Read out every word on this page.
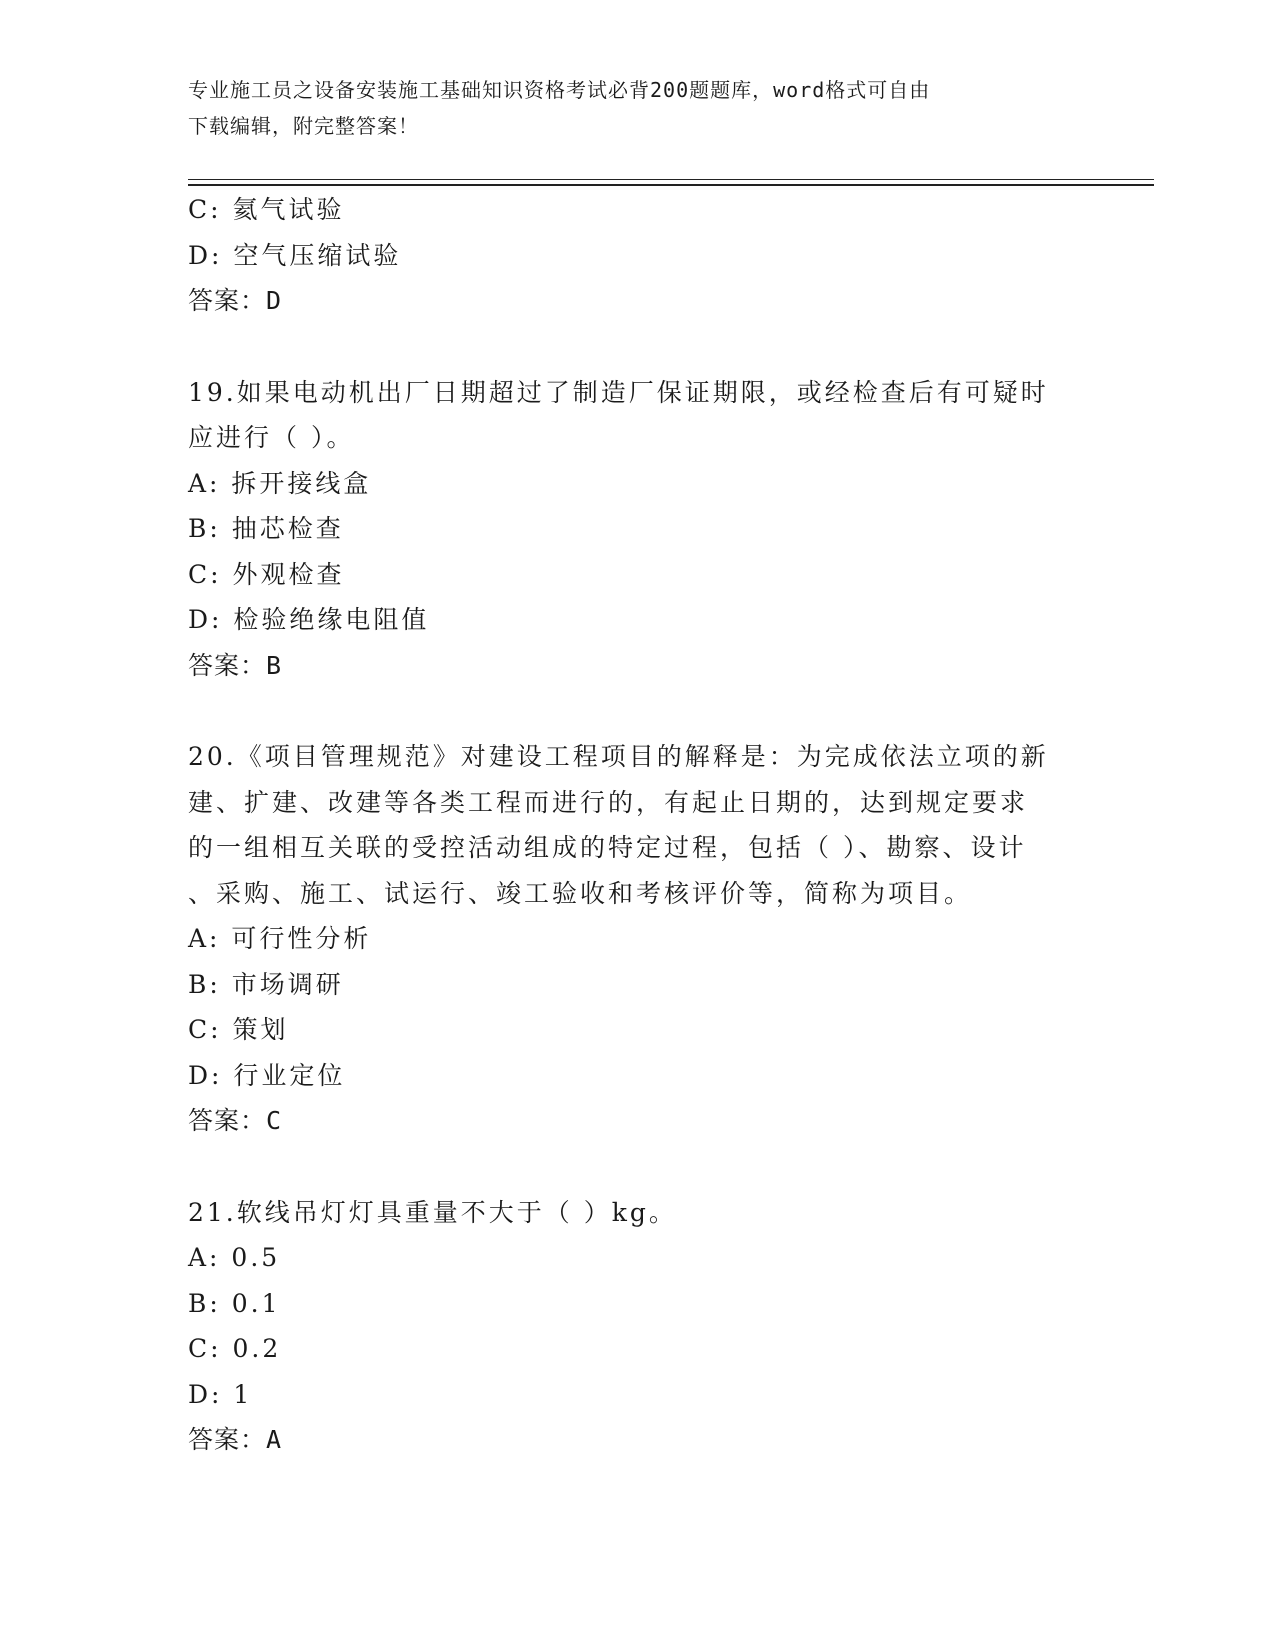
专业施工员之设备安装施工基础知识资格考试必背200题题库，word格式可自由
下载编辑，附完整答案！
C: 氦气试验
D: 空气压缩试验
答案：D
19.如果电动机出厂日期超过了制造厂保证期限，或经检查后有可疑时
应进行（ ）。
A: 拆开接线盒
B: 抽芯检查
C: 外观检查
D: 检验绝缘电阻值
答案：B
20.《项目管理规范》对建设工程项目的解释是：为完成依法立项的新
建、扩建、改建等各类工程而进行的，有起止日期的，达到规定要求
的一组相互关联的受控活动组成的特定过程，包括（ ）、勘察、设计
、采购、施工、试运行、竣工验收和考核评价等，简称为项目。
A: 可行性分析
B: 市场调研
C: 策划
D: 行业定位
答案：C
21.软线吊灯灯具重量不大于（ ）kg。
A: 0.5
B: 0.1
C: 0.2
D: 1
答案：A
